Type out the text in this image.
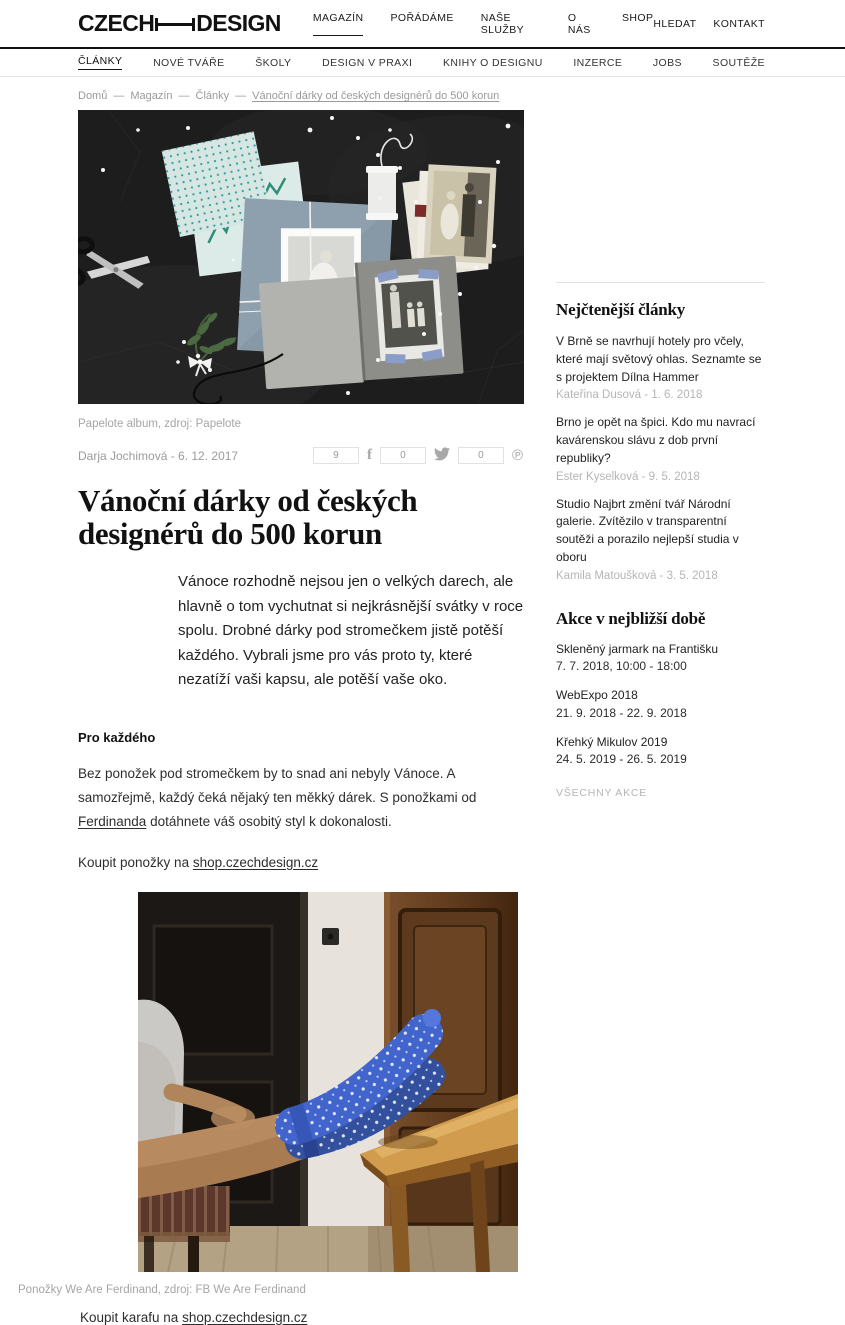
CZECH DESIGN	MAGAZÍN	POŘÁDÁME	NAŠE SLUŽBY
O NÁS
SHOP HLEDAT KONTAKT
ČLÁNKY	NOVÉ TVÁŘE	ŠKOLY	DESIGN V PRAXI	KNIHY O DESIGNU	INZERCE	JOBS	SOUTĚŽE
Domů — Magazín — Články — Vánoční dárky od českých designérů do 500 korun
Papelote album, zdroj: Papelote
Darja Jochimová - 6. 12. 2017	9	f	0	0	℗
Vánoční dárky od českých designérů do 500 korun

Vánoce rozhodně nejsou jen o velkých darech, ale hlavně o tom vychutnat si nejkrásnější svátky v roce spolu. Drobné dárky pod stromečkem jistě potěší každého. Vybrali jsme pro vás proto ty, které nezatíží vaši kapsu, ale potěší vaše oko.

Pro každého

Bez ponožek pod stromečkem by to snad ani nebyly Vánoce. A samozřejmě, každý čeká nějaký ten měkký dárek. S ponožkami od Ferdinanda dotáhnete váš osobitý styl k dokonalosti.

Koupit ponožky na shop.czechdesign.cz

Ponožky We Are Ferdinand, zdroj: FB We Are Ferdinand

Koupit karafu na shop.czechdesign.cz

Nejčtenější články
V Brně se navrhují hotely pro včely, které mají světový ohlas. Seznamte se s projektem Dílna Hammer
Kateřina Dusová - 1. 6. 2018
Brno je opět na špici. Kdo mu navrací kavárenskou slávu z dob první republiky?
Ester Kyselková - 9. 5. 2018
Studio Najbrt změní tvář Národní galerie. Zvítězilo v transparentní soutěži a porazilo nejlepší studia v oboru
Kamila Matoušková - 3. 5. 2018
Akce v nejbližší době
Skleněný jarmark na Františku
7. 7. 2018, 10:00 - 18:00
WebExpo 2018
21. 9. 2018 - 22. 9. 2018
Křehký Mikulov 2019
24. 5. 2019 - 26. 5. 2019
VŠECHNY AKCE
